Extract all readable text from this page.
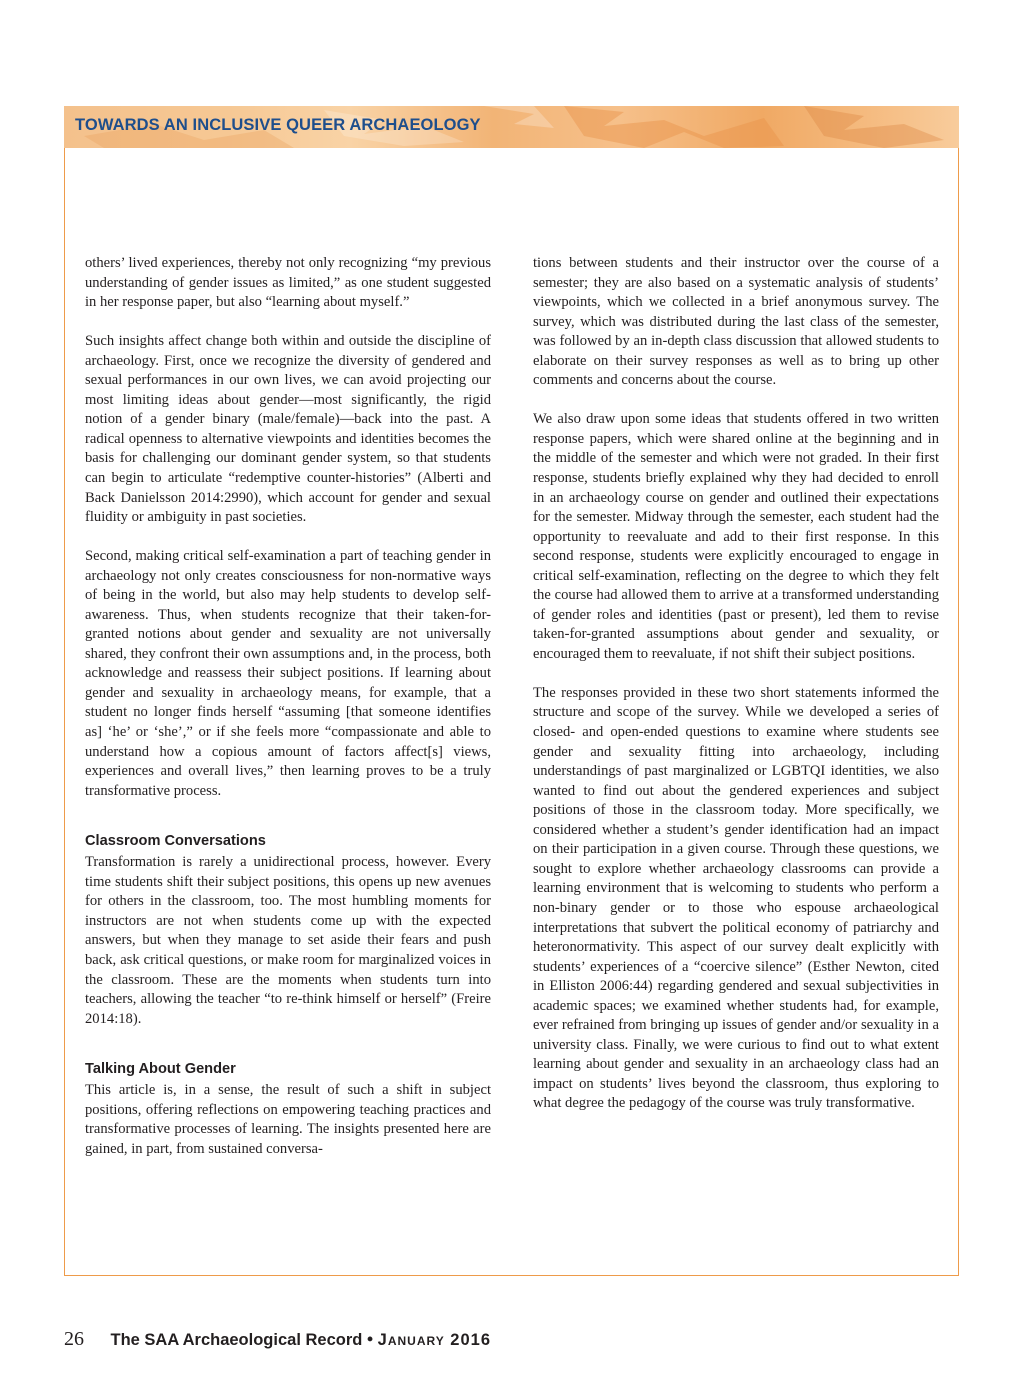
TOWARDS AN INCLUSIVE QUEER ARCHAEOLOGY

others’ lived experiences, thereby not only recognizing “my previous understanding of gender issues as limited,” as one student suggested in her response paper, but also “learning about myself.”

Such insights affect change both within and outside the discipline of archaeology. First, once we recognize the diversity of gendered and sexual performances in our own lives, we can avoid projecting our most limiting ideas about gender—most significantly, the rigid notion of a gender binary (male/female)—back into the past. A radical openness to alternative viewpoints and identities becomes the basis for challenging our dominant gender system, so that students can begin to articulate “redemptive counter-histories” (Alberti and Back Danielsson 2014:2990), which account for gender and sexual fluidity or ambiguity in past societies.

Second, making critical self-examination a part of teaching gender in archaeology not only creates consciousness for non-normative ways of being in the world, but also may help students to develop self-awareness. Thus, when students recognize that their taken-for-granted notions about gender and sexuality are not universally shared, they confront their own assumptions and, in the process, both acknowledge and reassess their subject positions. If learning about gender and sexuality in archaeology means, for example, that a student no longer finds herself “assuming [that someone identifies as] ‘he’ or ‘she’,” or if she feels more “compassionate and able to understand how a copious amount of factors affect[s] views, experiences and overall lives,” then learning proves to be a truly transformative process.

Classroom Conversations

Transformation is rarely a unidirectional process, however. Every time students shift their subject positions, this opens up new avenues for others in the classroom, too. The most humbling moments for instructors are not when students come up with the expected answers, but when they manage to set aside their fears and push back, ask critical questions, or make room for marginalized voices in the classroom. These are the moments when students turn into teachers, allowing the teacher “to re-think himself or herself” (Freire 2014:18).

Talking About Gender

This article is, in a sense, the result of such a shift in subject positions, offering reflections on empowering teaching practices and transformative processes of learning. The insights presented here are gained, in part, from sustained conversa-

tions between students and their instructor over the course of a semester; they are also based on a systematic analysis of students’ viewpoints, which we collected in a brief anonymous survey. The survey, which was distributed during the last class of the semester, was followed by an in-depth class discussion that allowed students to elaborate on their survey responses as well as to bring up other comments and concerns about the course.

We also draw upon some ideas that students offered in two written response papers, which were shared online at the beginning and in the middle of the semester and which were not graded. In their first response, students briefly explained why they had decided to enroll in an archaeology course on gender and outlined their expectations for the semester. Midway through the semester, each student had the opportunity to reevaluate and add to their first response. In this second response, students were explicitly encouraged to engage in critical self-examination, reflecting on the degree to which they felt the course had allowed them to arrive at a transformed understanding of gender roles and identities (past or present), led them to revise taken-for-granted assumptions about gender and sexuality, or encouraged them to reevaluate, if not shift their subject positions.

The responses provided in these two short statements informed the structure and scope of the survey. While we developed a series of closed- and open-ended questions to examine where students see gender and sexuality fitting into archaeology, including understandings of past marginalized or LGBTQI identities, we also wanted to find out about the gendered experiences and subject positions of those in the classroom today. More specifically, we considered whether a student’s gender identification had an impact on their participation in a given course. Through these questions, we sought to explore whether archaeology classrooms can provide a learning environment that is welcoming to students who perform a non-binary gender or to those who espouse archaeological interpretations that subvert the political economy of patriarchy and heteronormativity. This aspect of our survey dealt explicitly with students’ experiences of a “coercive silence” (Esther Newton, cited in Elliston 2006:44) regarding gendered and sexual subjectivities in academic spaces; we examined whether students had, for example, ever refrained from bringing up issues of gender and/or sexuality in a university class. Finally, we were curious to find out to what extent learning about gender and sexuality in an archaeology class had an impact on students’ lives beyond the classroom, thus exploring to what degree the pedagogy of the course was truly transformative.

26 The SAA Archaeological Record • January 2016
